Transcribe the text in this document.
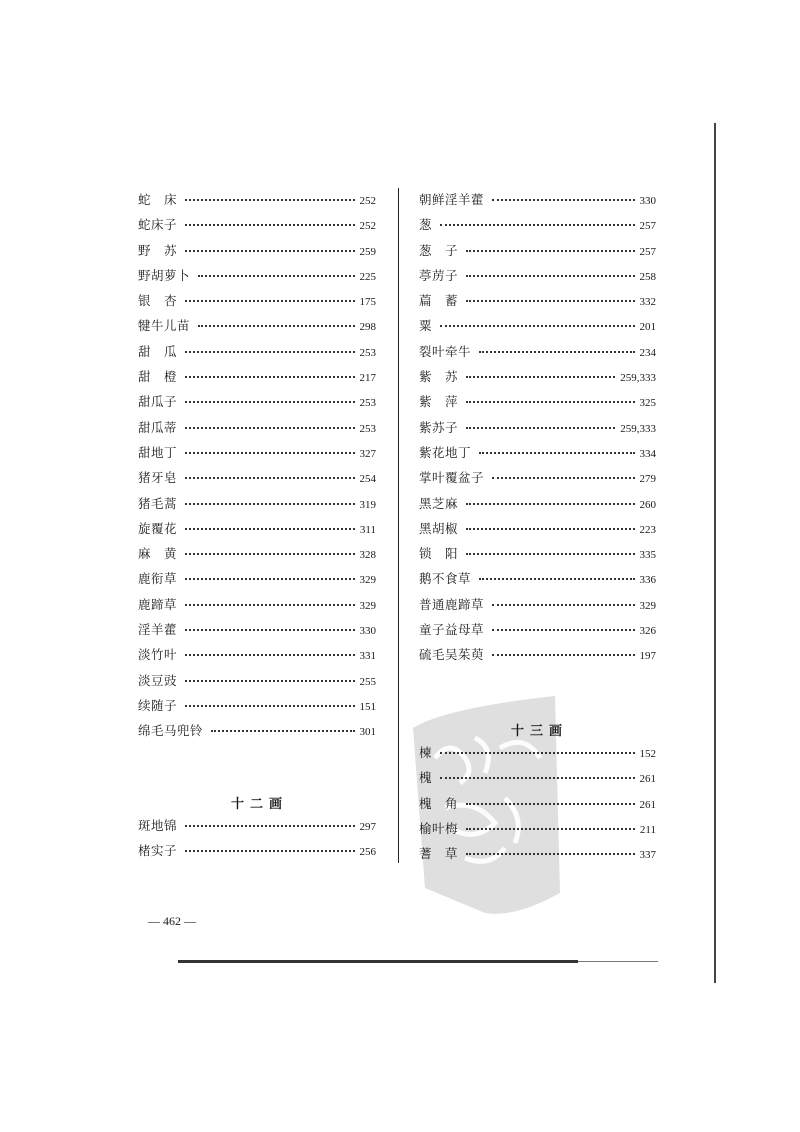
蛇　床	252
蛇床子	252
野　苏	259
野胡萝卜	225
银　杏	175
犍牛儿苗	298
甜　瓜	253
甜　橙	217
甜瓜子	253
甜瓜蒂	253
甜地丁	327
猪牙皂	254
猪毛蒿	319
旋覆花	311
麻　黄	328
鹿衔草	329
鹿蹄草	329
淫羊藿	330
淡竹叶	331
淡豆豉	255
续随子	151
绵毛马兜铃	301
朝鲜淫羊藿	330
葱	257
葱　子	257
葶苈子	258
萹　蓄	332
粟	201
裂叶牵牛	234
紫　苏	259,333
紫　萍	325
紫苏子	259,333
紫花地丁	334
掌叶覆盆子	279
黑芝麻	260
黑胡椒	223
锁　阳	335
鹅不食草	336
普通鹿蹄草	329
童子益母草	326
硫毛吴茱萸	197
十二画
斑地锦	297
楮实子	256
十三画
楝	152
槐	261
槐　角	261
榆叶梅	211
蓍　草	337
— 462 —
